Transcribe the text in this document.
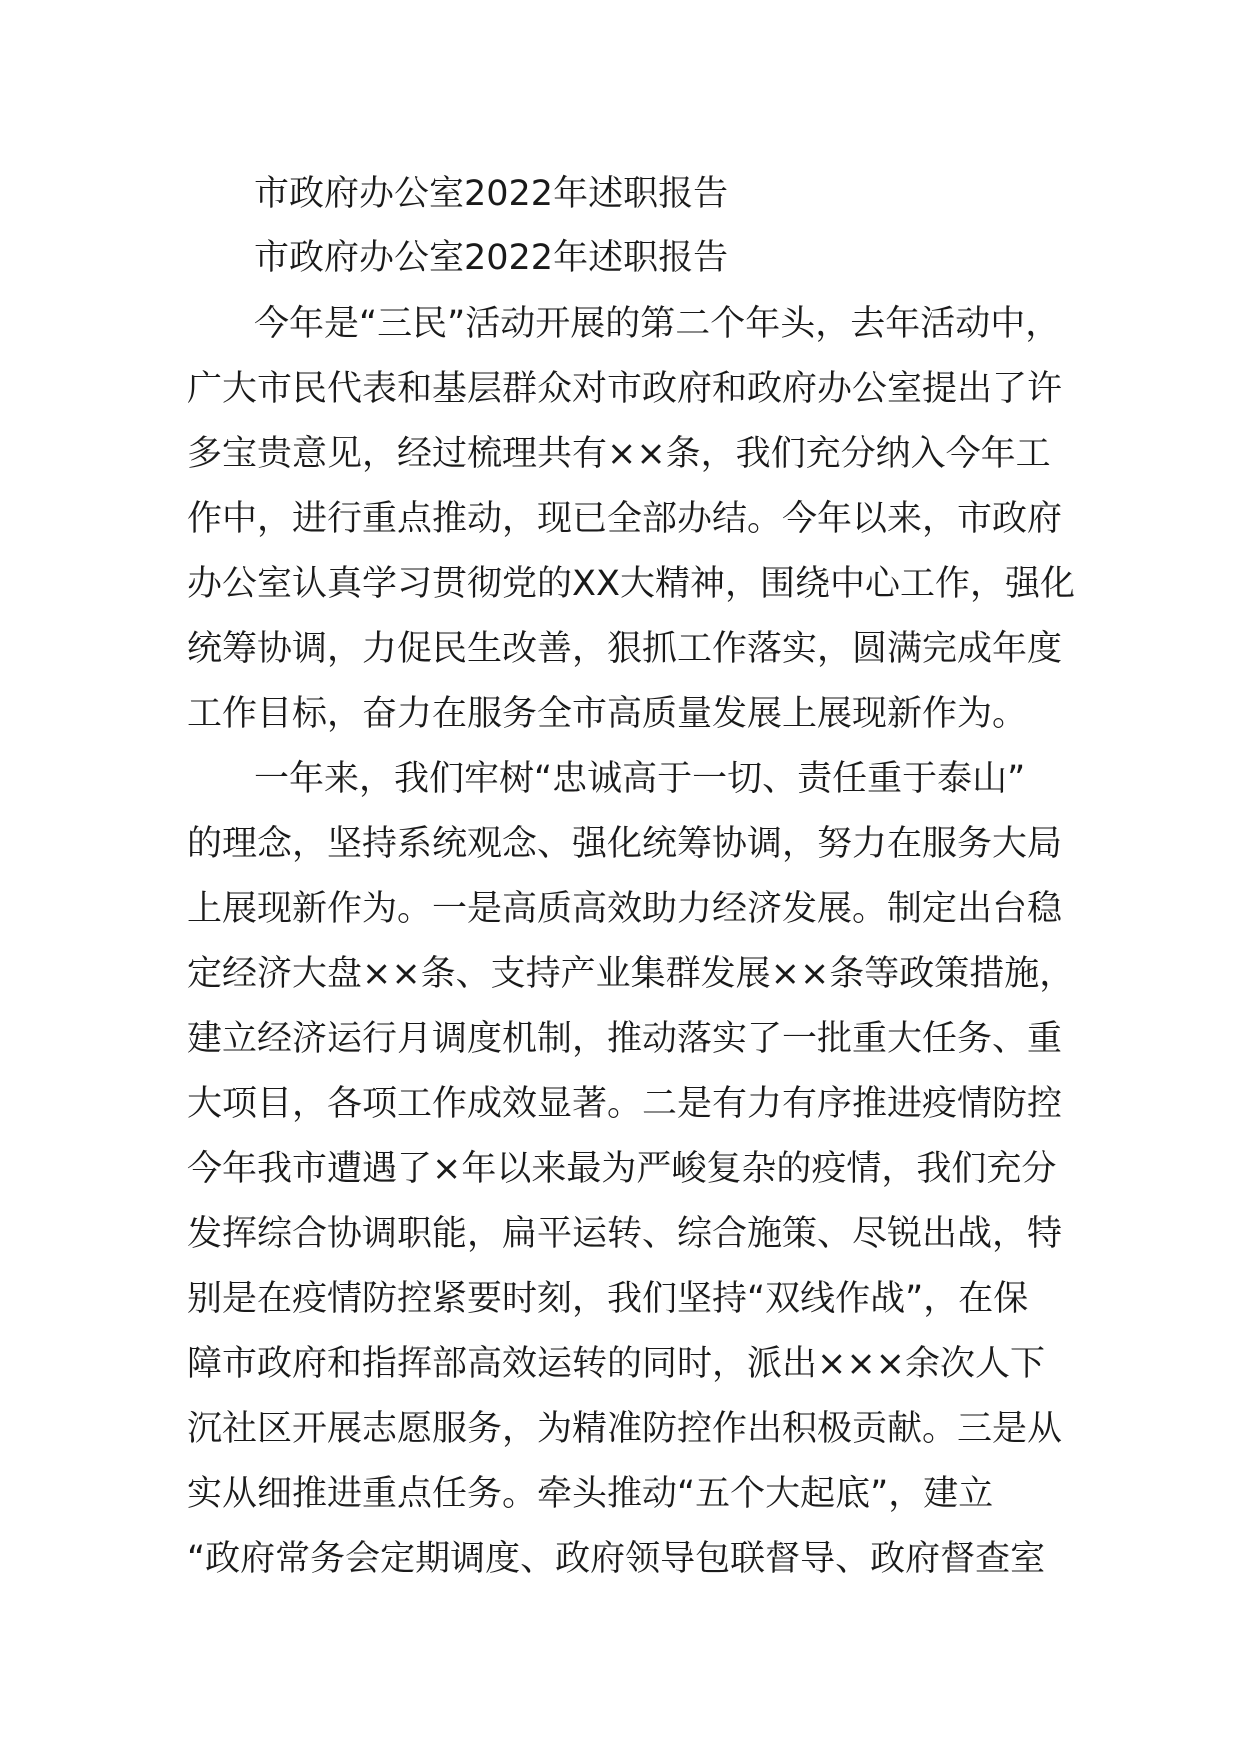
市政府办公室2022年述职报告
市政府办公室2022年述职报告
今年是“三民”活动开展的第二个年头，去年活动中，
广大市民代表和基层群众对市政府和政府办公室提出了许
多宝贵意见，经过梳理共有××条，我们充分纳入今年工
作中，进行重点推动，现已全部办结。今年以来，市政府
办公室认真学习贯彻党的XX大精神，围绕中心工作，强化
统筹协调，力促民生改善，狠抓工作落实，圆满完成年度
工作目标，奋力在服务全市高质量发展上展现新作为。
一年来，我们牢树“忠诚高于一切、责任重于泰山”
的理念，坚持系统观念、强化统筹协调，努力在服务大局
上展现新作为。一是高质高效助力经济发展。制定出台稳
定经济大盘××条、支持产业集群发展××条等政策措施，
建立经济运行月调度机制，推动落实了一批重大任务、重
大项目，各项工作成效显著。二是有力有序推进疫情防控
今年我市遭遇了×年以来最为严峻复杂的疫情，我们充分
发挥综合协调职能，扁平运转、综合施策、尽锐出战，特
别是在疫情防控紧要时刻，我们坚持“双线作战”，在保
障市政府和指挥部高效运转的同时，派出×××余次人下
沉社区开展志愿服务，为精准防控作出积极贡献。三是从
实从细推进重点任务。牵头推动“五个大起底”，建立
“政府常务会定期调度、政府领导包联督导、政府督查室
